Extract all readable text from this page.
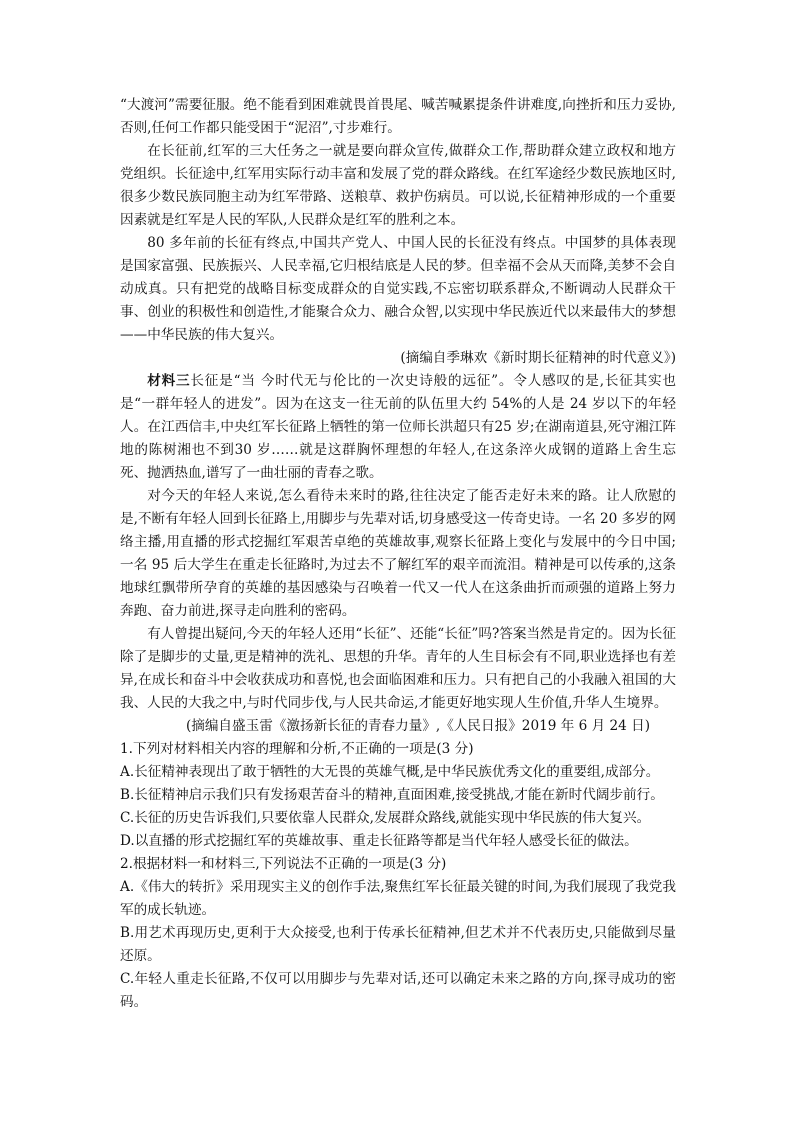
“大渡河”需要征服。绝不能看到困难就畏首畏尾、喊苦喊累提条件讲难度,向挫折和压力妥协,否则,任何工作都只能受困于“泥沼”,寸步难行。

在长征前,红军的三大任务之一就是要向群众宣传,做群众工作,帮助群众建立政权和地方党组织。长征途中,红军用实际行动丰富和发展了党的群众路线。在红军途经少数民族地区时,很多少数民族同胞主动为红军带路、送粮草、救护伤病员。可以说,长征精神形成的一个重要因素就是红军是人民的军队,人民群众是红军的胜利之本。

80 多年前的长征有终点,中国共产党人、中国人民的长征没有终点。中国梦的具体表现是国家富强、民族振兴、人民幸福,它归根结底是人民的梦。但幸福不会从天而降,美梦不会自动成真。只有把党的战略目标变成群众的自觉实践,不忘密切联系群众,不断调动人民群众干事、创业的积极性和创造性,才能聚合众力、融合众智,以实现中华民族近代以来最伟大的梦想——中华民族的伟大复兴。

(摘编自季琳欢《新时期长征精神的时代意义》)

材料三长征是“当 今时代无与伦比的一次史诗般的远征”。令人感叹的是,长征其实也是“一群年轻人的进发”。因为在这支一往无前的队伍里大约 54%的人是 24 岁以下的年轻人。在江西信丰,中央红军长征路上牺牲的第一位师长洪超只有25 岁;在湖南道县,死守湘江阵地的陈树湘也不到30 岁……就是这群胸怀理想的年轻人,在这条淬火成钢的道路上舍生忘死、抛洒热血,谱写了一曲壮丽的青春之歌。

对今天的年轻人来说,怎么看待未来时的路,往往决定了能否走好未来的路。让人欣慰的是,不断有年轻人回到长征路上,用脚步与先辈对话,切身感受这一传奇史诗。一名 20 多岁的网络主播,用直播的形式挖掘红军艰苦卓绝的英雄故事,观察长征路上变化与发展中的今日中国;一名 95 后大学生在重走长征路时,为过去不了解红军的艰辛而流泪。精神是可以传承的,这条地球红飘带所孕育的英雄的基因感染与召唤着一代又一代人在这条曲折而顽强的道路上努力奔跑、奋力前进,探寻走向胜利的密码。

有人曾提出疑问,今天的年轻人还用“长征”、还能“长征”吗?答案当然是肯定的。因为长征除了是脚步的丈量,更是精神的洗礼、思想的升华。青年的人生目标会有不同,职业选择也有差异,在成长和奋斗中会收获成功和喜悦,也会面临困难和压力。只有把自己的小我融入祖国的大我、人民的大我之中,与时代同步伐,与人民共命运,才能更好地实现人生价值,升华人生境界。

(摘编自盛玉雷《激扬新长征的青春力量》,《人民日报》2019 年 6 月 24 日)

1.下列对材料相关内容的理解和分析,不正确的一项是(3 分)

A.长征精神表现出了敢于牺牲的大无畏的英雄气概,是中华民族优秀文化的重要组,成部分。

B.长征精神启示我们只有发扬艰苦奋斗的精神,直面困难,接受挑战,才能在新时代阔步前行。

C.长征的历史告诉我们,只要依靠人民群众,发展群众路线,就能实现中华民族的伟大复兴。

D.以直播的形式挖掘红军的英雄故事、重走长征路等都是当代年轻人感受长征的做法。

2.根据材料一和材料三,下列说法不正确的一项是(3 分)

A.《伟大的转折》采用现实主义的创作手法,聚焦红军长征最关键的时间,为我们展现了我党我军的成长轨迹。

B.用艺术再现历史,更利于大众接受,也利于传承长征精神,但艺术并不代表历史,只能做到尽量还原。

C.年轻人重走长征路,不仅可以用脚步与先辈对话,还可以确定未来之路的方向,探寻成功的密码。
